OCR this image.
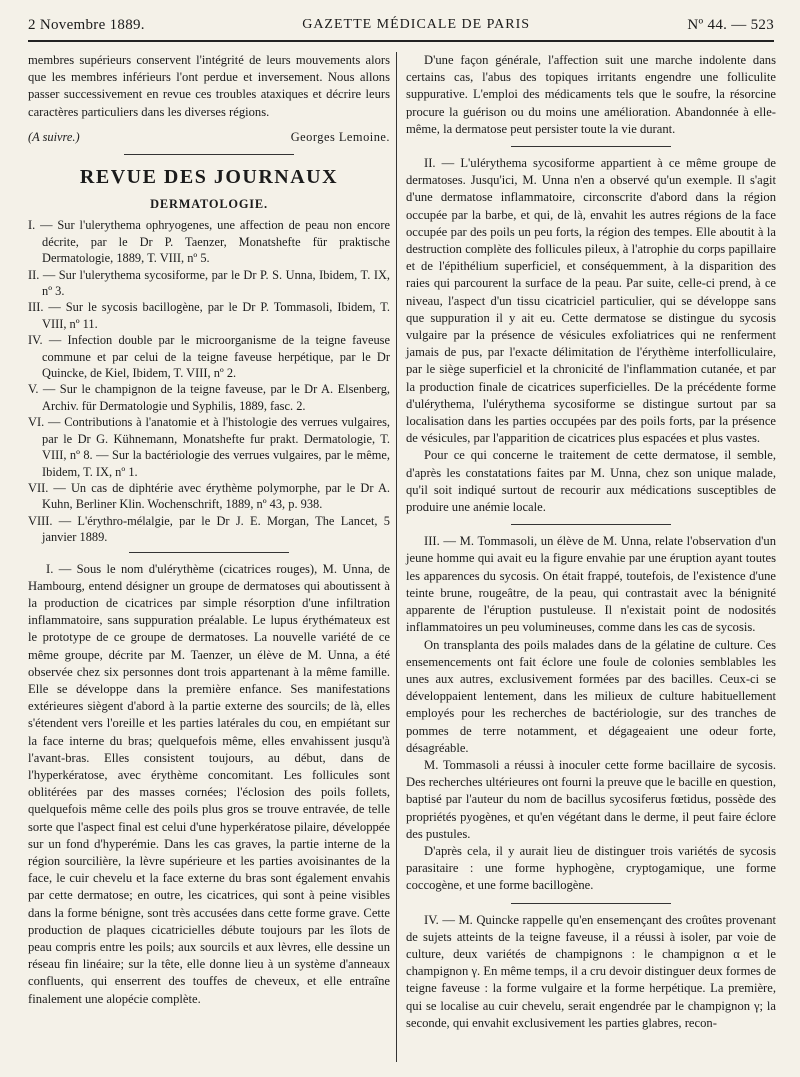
2 Novembre 1889.	GAZETTE MÉDICALE DE PARIS	Nº 44. — 523

membres supérieurs conservent l'intégrité de leurs mouvements alors que les membres inférieurs l'ont perdue et inversement. Nous allons passer successivement en revue ces troubles ataxiques et décrire leurs caractères particuliers dans les diverses régions.

(A suivre.)	Georges Lemoine.
REVUE DES JOURNAUX
DERMATOLOGIE.

I. — Sur l'ulerythema ophryogenes, une affection de peau non encore décrite, par le Dr P. Taenzer, Monatshefte für praktische Dermatologie, 1889, T. VIII, nº 5.

II. — Sur l'ulerythema sycosiforme, par le Dr P. S. Unna, Ibidem, T. IX, nº 3.

III. — Sur le sycosis bacillogène, par le Dr P. Tommasoli, Ibidem, T. VIII, nº 11.

IV. — Infection double par le microorganisme de la teigne faveuse commune et par celui de la teigne faveuse herpétique, par le Dr Quincke, de Kiel, Ibidem, T. VIII, nº 2.

V. — Sur le champignon de la teigne faveuse, par le Dr A. Elsenberg, Archiv. für Dermatologie und Syphilis, 1889, fasc. 2.

VI. — Contributions à l'anatomie et à l'histologie des verrues vulgaires, par le Dr G. Kühnemann, Monatshefte fur prakt. Dermatologie, T. VIII, nº 8. — Sur la bactériologie des verrues vulgaires, par le même, Ibidem, T. IX, nº 1.

VII. — Un cas de diphtérie avec érythème polymorphe, par le Dr A. Kuhn, Berliner Klin. Wochenschrift, 1889, nº 43, p. 938.

VIII. — L'érythro-mélalgie, par le Dr J. E. Morgan, The Lancet, 5 janvier 1889.

I. — Sous le nom d'ulérythème (cicatrices rouges), M. Unna, de Hambourg, entend désigner un groupe de dermatoses qui aboutissent à la production de cicatrices par simple résorption d'une infiltration inflammatoire, sans suppuration préalable. Le lupus érythémateux est le prototype de ce groupe de dermatoses. La nouvelle variété de ce même groupe, décrite par M. Taenzer, un élève de M. Unna, a été observée chez six personnes dont trois appartenant à la même famille. Elle se développe dans la première enfance. Ses manifestations extérieures siègent d'abord à la partie externe des sourcils; de là, elles s'étendent vers l'oreille et les parties latérales du cou, en empiétant sur la face interne du bras; quelquefois même, elles envahissent jusqu'à l'avant-bras. Elles consistent toujours, au début, dans de l'hyperkératose, avec érythème concomitant. Les follicules sont oblitérées par des masses cornées; l'éclosion des poils follets, quelquefois même celle des poils plus gros se trouve entravée, de telle sorte que l'aspect final est celui d'une hyperkératose pilaire, développée sur un fond d'hyperémie. Dans les cas graves, la partie interne de la région sourcilière, la lèvre supérieure et les parties avoisinantes de la face, le cuir chevelu et la face externe du bras sont également envahis par cette dermatose; en outre, les cicatrices, qui sont à peine visibles dans la forme bénigne, sont très accusées dans cette forme grave. Cette production de plaques cicatricielles débute toujours par les îlots de peau compris entre les poils; aux sourcils et aux lèvres, elle dessine un réseau fin linéaire; sur la tête, elle donne lieu à un système d'anneaux confluents, qui enserrent des touffes de cheveux, et elle entraîne finalement une alopécie complète.

D'une façon générale, l'affection suit une marche indolente dans certains cas, l'abus des topiques irritants engendre une folliculite suppurative. L'emploi des médicaments tels que le soufre, la résorcine procure la guérison ou du moins une amélioration. Abandonnée à elle-même, la dermatose peut persister toute la vie durant.

II. — L'ulérythema sycosiforme appartient à ce même groupe de dermatoses. Jusqu'ici, M. Unna n'en a observé qu'un exemple. Il s'agit d'une dermatose inflammatoire, circonscrite d'abord dans la région occupée par la barbe, et qui, de là, envahit les autres régions de la face occupée par des poils un peu forts, la région des tempes. Elle aboutit à la destruction complète des follicules pileux, à l'atrophie du corps papillaire et de l'épithélium superficiel, et conséquemment, à la disparition des raies qui parcourent la surface de la peau. Par suite, celle-ci prend, à ce niveau, l'aspect d'un tissu cicatriciel particulier, qui se développe sans que suppuration il y ait eu. Cette dermatose se distingue du sycosis vulgaire par la présence de vésicules exfoliatrices qui ne renferment jamais de pus, par l'exacte délimitation de l'érythème interfolliculaire, par le siège superficiel et la chronicité de l'inflammation cutanée, et par la production finale de cicatrices superficielles. De la précédente forme d'ulérythema, l'ulérythema sycosiforme se distingue surtout par sa localisation dans les parties occupées par des poils forts, par la présence de vésicules, par l'apparition de cicatrices plus espacées et plus vastes.

Pour ce qui concerne le traitement de cette dermatose, il semble, d'après les constatations faites par M. Unna, chez son unique malade, qu'il soit indiqué surtout de recourir aux médications susceptibles de produire une anémie locale.

III. — M. Tommasoli, un élève de M. Unna, relate l'observation d'un jeune homme qui avait eu la figure envahie par une éruption ayant toutes les apparences du sycosis. On était frappé, toutefois, de l'existence d'une teinte brune, rougeâtre, de la peau, qui contrastait avec la bénignité apparente de l'éruption pustuleuse. Il n'existait point de nodosités inflammatoires un peu volumineuses, comme dans les cas de sycosis.

On transplanta des poils malades dans de la gélatine de culture. Ces ensemencements ont fait éclore une foule de colonies semblables les unes aux autres, exclusivement formées par des bacilles. Ceux-ci se développaient lentement, dans les milieux de culture habituellement employés pour les recherches de bactériologie, sur des tranches de pommes de terre notamment, et dégageaient une odeur forte, désagréable.

M. Tommasoli a réussi à inoculer cette forme bacillaire de sycosis. Des recherches ultérieures ont fourni la preuve que le bacille en question, baptisé par l'auteur du nom de bacillus sycosiferus fœtidus, possède des propriétés pyogènes, et qu'en végétant dans le derme, il peut faire éclore des pustules.

D'après cela, il y aurait lieu de distinguer trois variétés de sycosis parasitaire : une forme hyphogène, cryptogamique, une forme coccogène, et une forme bacillogène.

IV. — M. Quincke rappelle qu'en ensemençant des croûtes provenant de sujets atteints de la teigne faveuse, il a réussi à isoler, par voie de culture, deux variétés de champignons : le champignon α et le champignon γ. En même temps, il a cru devoir distinguer deux formes de teigne faveuse : la forme vulgaire et la forme herpétique. La première, qui se localise au cuir chevelu, serait engendrée par le champignon γ; la seconde, qui envahit exclusivement les parties glabres, recon-
